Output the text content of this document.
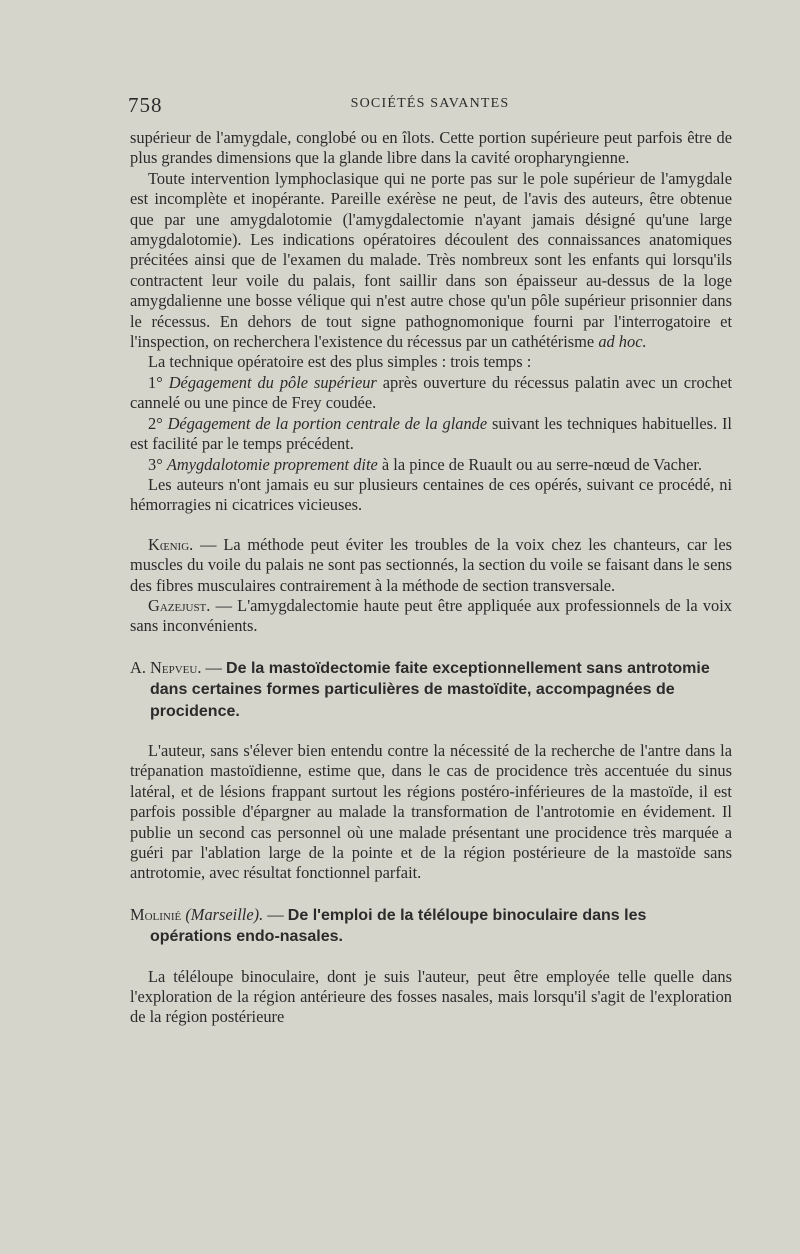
758	SOCIÉTÉS SAVANTES

supérieur de l'amygdale, conglobé ou en îlots. Cette portion supérieure peut parfois être de plus grandes dimensions que la glande libre dans la cavité oropharyngienne.

Toute intervention lymphoclasique qui ne porte pas sur le pole supérieur de l'amygdale est incomplète et inopérante. Pareille exérèse ne peut, de l'avis des auteurs, être obtenue que par une amygdalotomie (l'amygdalectomie n'ayant jamais désigné qu'une large amygdalotomie). Les indications opératoires découlent des connaissances anatomiques précitées ainsi que de l'examen du malade. Très nombreux sont les enfants qui lorsqu'ils contractent leur voile du palais, font saillir dans son épaisseur au-dessus de la loge amygdalienne une bosse vélique qui n'est autre chose qu'un pôle supérieur prisonnier dans le récessus. En dehors de tout signe pathognomonique fourni par l'interrogatoire et l'inspection, on recherchera l'existence du récessus par un cathétérisme ad hoc.

La technique opératoire est des plus simples : trois temps :

1° Dégagement du pôle supérieur après ouverture du récessus palatin avec un crochet cannelé ou une pince de Frey coudée.

2° Dégagement de la portion centrale de la glande suivant les techniques habituelles. Il est facilité par le temps précédent.

3° Amygdalotomie proprement dite à la pince de Ruault ou au serre-nœud de Vacher.

Les auteurs n'ont jamais eu sur plusieurs centaines de ces opérés, suivant ce procédé, ni hémorragies ni cicatrices vicieuses.

Kœnig. — La méthode peut éviter les troubles de la voix chez les chanteurs, car les muscles du voile du palais ne sont pas sectionnés, la section du voile se faisant dans le sens des fibres musculaires contrairement à la méthode de section transversale.

Gazejust. — L'amygdalectomie haute peut être appliquée aux professionnels de la voix sans inconvénients.

A. Nepveu. — De la mastoïdectomie faite exceptionnellement sans antrotomie dans certaines formes particulières de mastoïdite, accompagnées de procidence.

L'auteur, sans s'élever bien entendu contre la nécessité de la recherche de l'antre dans la trépanation mastoïdienne, estime que, dans le cas de procidence très accentuée du sinus latéral, et de lésions frappant surtout les régions postéro-inférieures de la mastoïde, il est parfois possible d'épargner au malade la transformation de l'antrotomie en évidement. Il publie un second cas personnel où une malade présentant une procidence très marquée a guéri par l'ablation large de la pointe et de la région postérieure de la mastoïde sans antrotomie, avec résultat fonctionnel parfait.

Molinié (Marseille). — De l'emploi de la téléloupe binoculaire dans les opérations endo-nasales.

La téléloupe binoculaire, dont je suis l'auteur, peut être employée telle quelle dans l'exploration de la région antérieure des fosses nasales, mais lorsqu'il s'agit de l'exploration de la région postérieure
